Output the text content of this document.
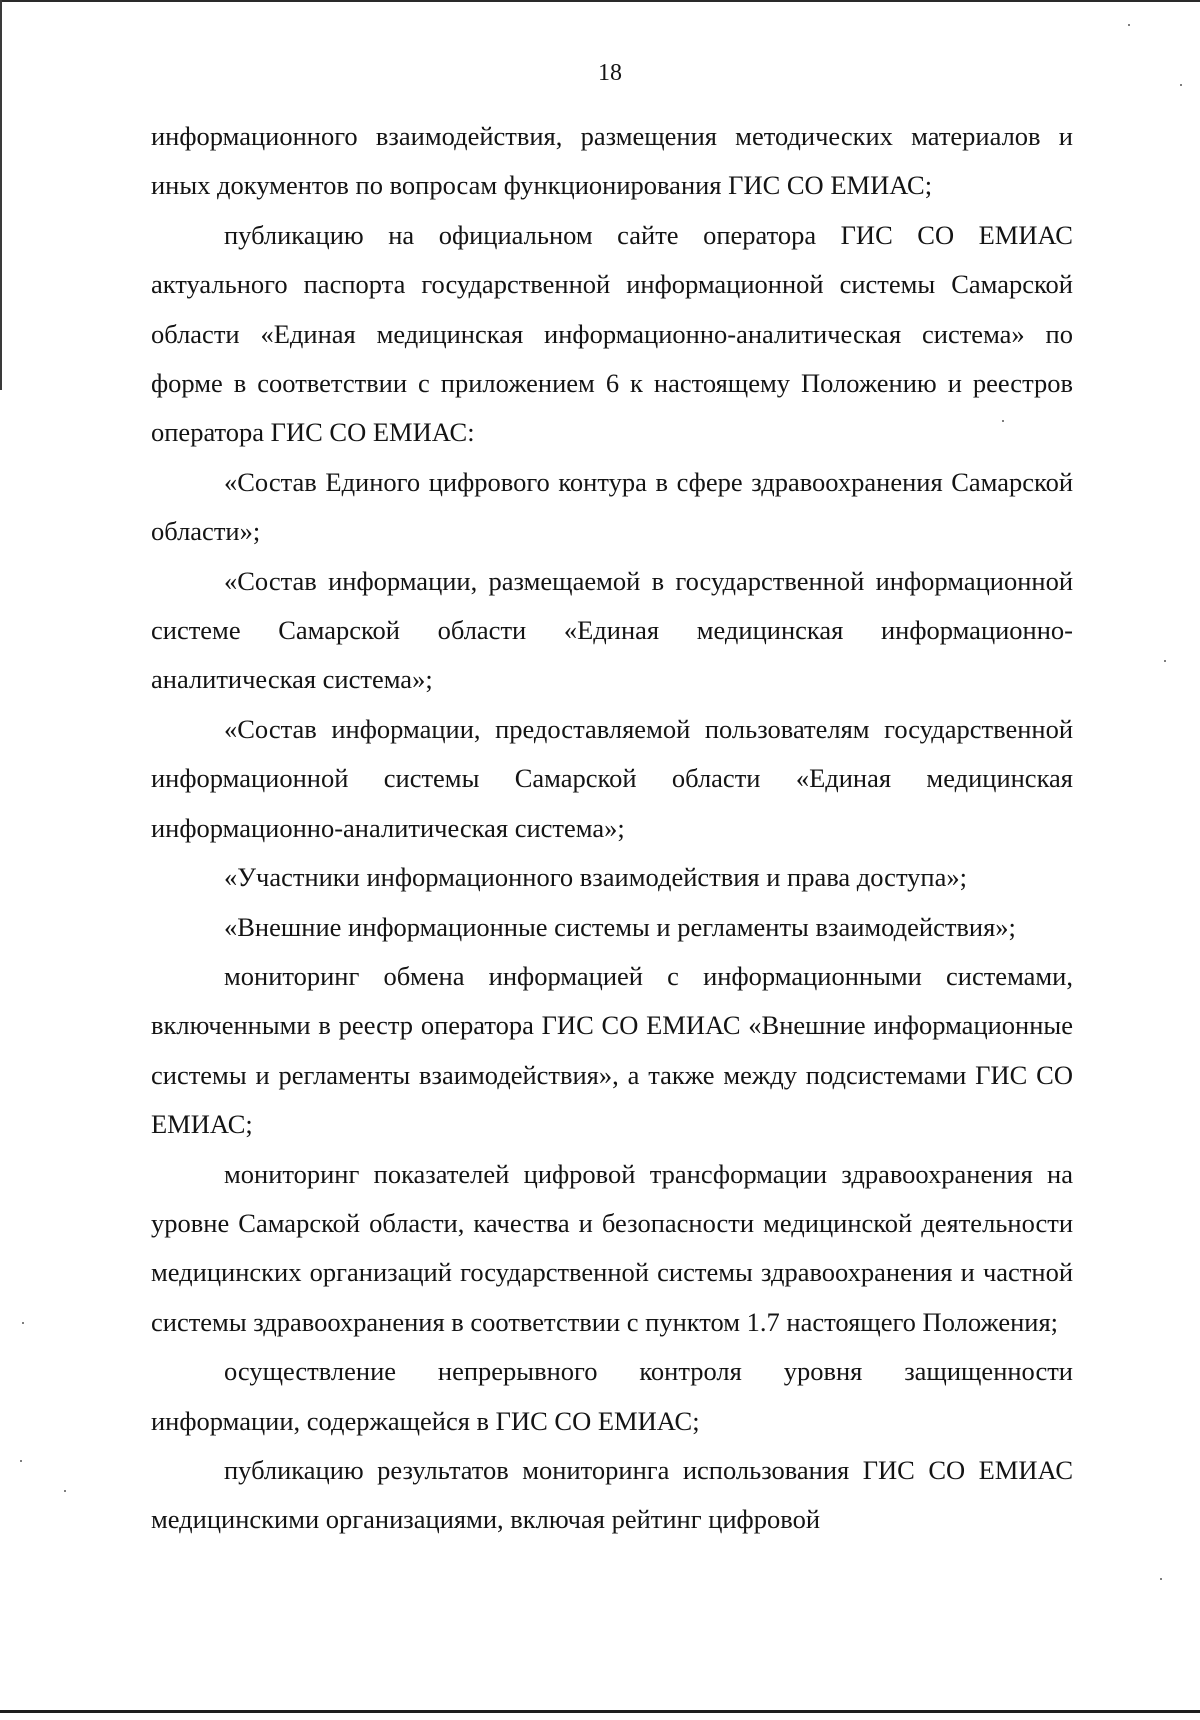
18

информационного взаимодействия, размещения методических материалов и иных документов по вопросам функционирования ГИС СО ЕМИАС;

публикацию на официальном сайте оператора ГИС СО ЕМИАС актуального паспорта государственной информационной системы Самарской области «Единая медицинская информационно-аналитическая система» по форме в соответствии с приложением 6 к настоящему Положению и реестров оператора ГИС СО ЕМИАС:

«Состав Единого цифрового контура в сфере здравоохранения Самарской области»;

«Состав информации, размещаемой в государственной информационной системе Самарской области «Единая медицинская информационно-аналитическая система»;

«Состав информации, предоставляемой пользователям государственной информационной системы Самарской области «Единая медицинская информационно-аналитическая система»;

«Участники информационного взаимодействия и права доступа»;

«Внешние информационные системы и регламенты взаимодействия»;

мониторинг обмена информацией с информационными системами, включенными в реестр оператора ГИС СО ЕМИАС «Внешние информационные системы и регламенты взаимодействия», а также между подсистемами ГИС СО ЕМИАС;

мониторинг показателей цифровой трансформации здравоохранения на уровне Самарской области, качества и безопасности медицинской деятельности медицинских организаций государственной системы здравоохранения и частной системы здравоохранения в соответствии с пунктом 1.7 настоящего Положения;

осуществление непрерывного контроля уровня защищенности информации, содержащейся в ГИС СО ЕМИАС;

публикацию результатов мониторинга использования ГИС СО ЕМИАС медицинскими организациями, включая рейтинг цифровой
